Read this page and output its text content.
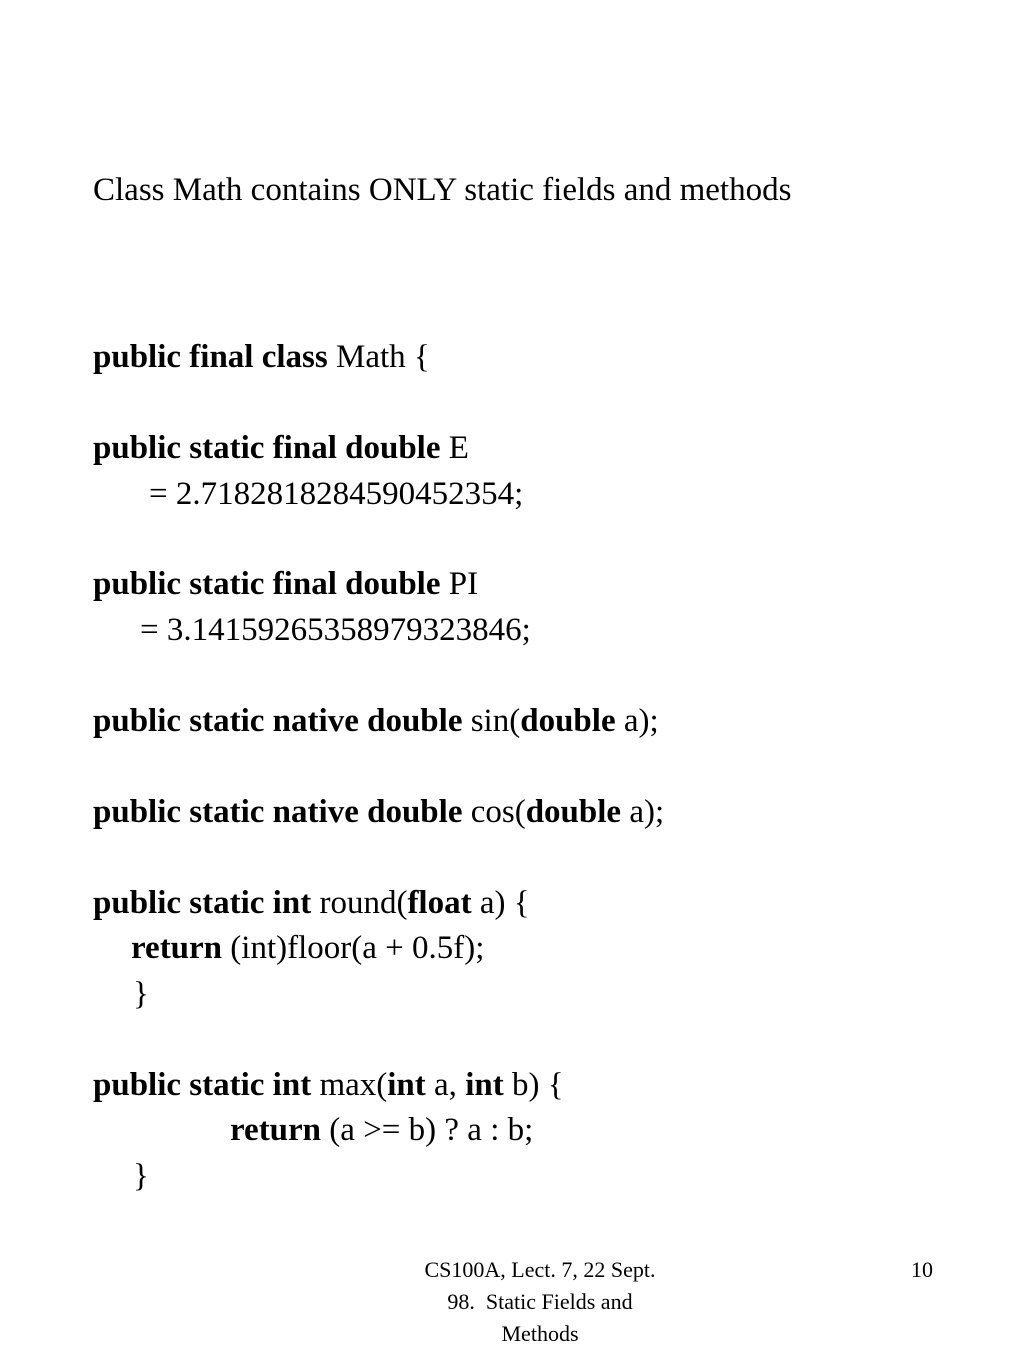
Class Math contains ONLY static fields and methods
public final class Math {
public static final double E
= 2.7182818284590452354;
public static final double PI
= 3.14159265358979323846;
public static native double sin(double a);
public static native double cos(double a);
public static int round(float a) {
return (int)floor(a + 0.5f);
}
public static int max(int a, int b) {
return (a >= b) ? a : b;
}
CS100A, Lect. 7, 22 Sept.
98.  Static Fields and
Methods
10
